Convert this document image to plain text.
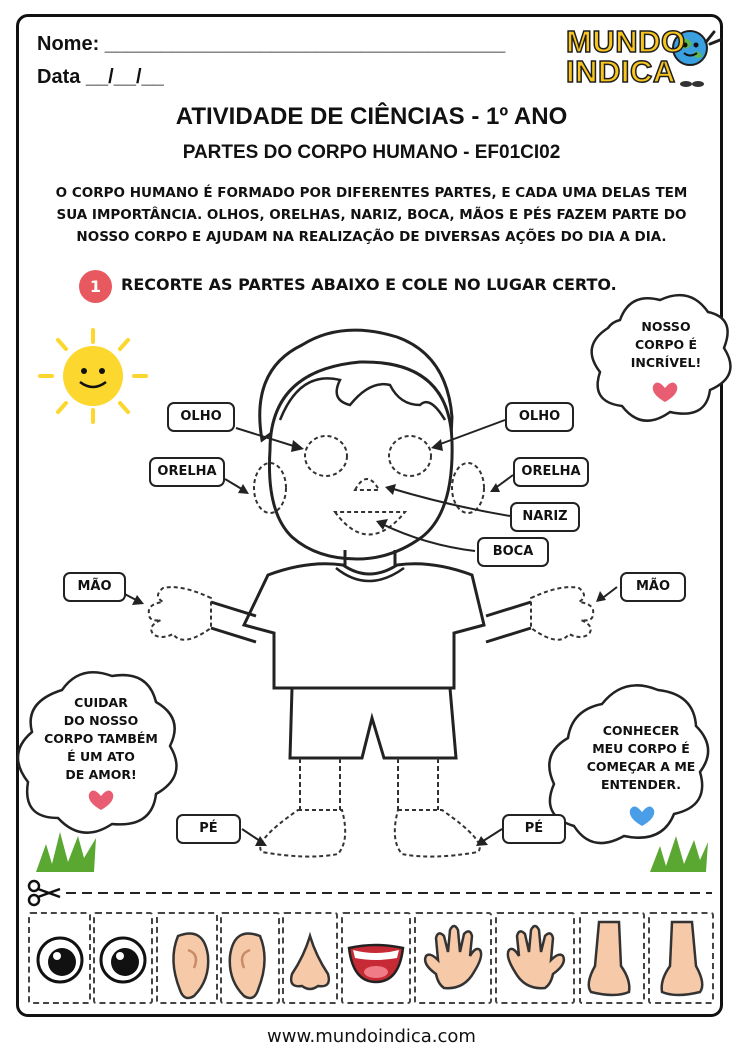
Nome: ____________________________________
Data __/__/__
MUNDO
INDICA
ATIVIDADE DE CIÊNCIAS - 1º ANO
PARTES DO CORPO HUMANO - EF01CI02
O CORPO HUMANO É FORMADO POR DIFERENTES PARTES, E CADA UMA DELAS TEM SUA IMPORTÂNCIA. OLHOS, ORELHAS, NARIZ, BOCA, MÃOS E PÉS FAZEM PARTE DO NOSSO CORPO E AJUDAM NA REALIZAÇÃO DE DIVERSAS AÇÕES DO DIA A DIA.
1	RECORTE AS PARTES ABAIXO E COLE NO LUGAR CERTO.
OLHO	OLHO
ORELHA	ORELHA
NARIZ
BOCA
MÃO	MÃO
PÉ	PÉ
NOSSO
CORPO É
INCRÍVEL!
CUIDAR
DO NOSSO
CORPO TAMBÉM
É UM ATO
DE AMOR!
CONHECER
MEU CORPO É
COMEÇAR A ME
ENTENDER.
www.mundoindica.com
